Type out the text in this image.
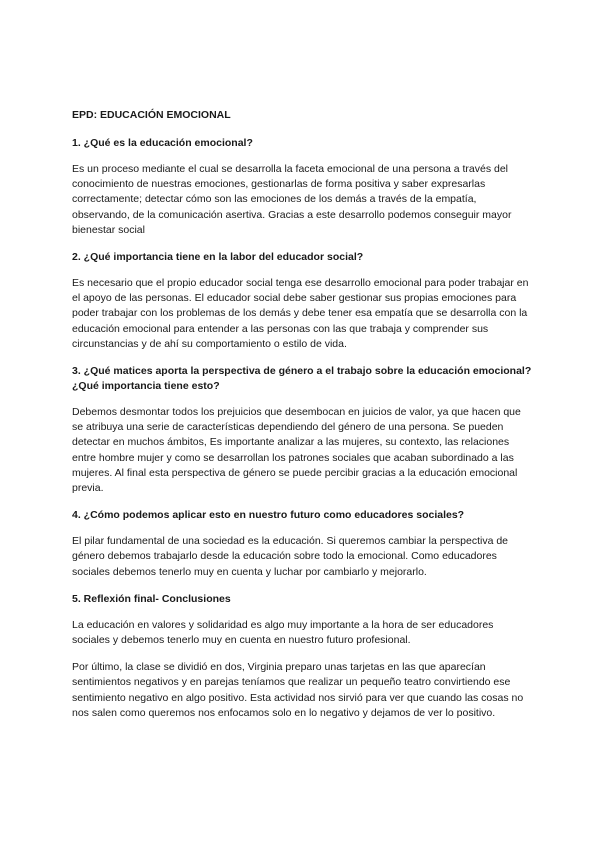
EPD: EDUCACIÓN EMOCIONAL
1. ¿Qué es la educación emocional?
Es un proceso mediante el cual se desarrolla la faceta emocional de una persona a través del conocimiento de nuestras emociones, gestionarlas de forma positiva y saber expresarlas correctamente; detectar cómo son las emociones de los demás a través de la empatía, observando, de la comunicación asertiva. Gracias a este desarrollo podemos conseguir mayor bienestar social
2. ¿Qué importancia tiene en la labor del educador social?
Es necesario que el propio educador social tenga ese desarrollo emocional para poder trabajar en el apoyo de las personas. El educador social debe saber gestionar sus propias emociones para poder trabajar con los problemas de los demás y debe tener esa empatía que se desarrolla con la educación emocional para entender a las personas con las que trabaja y comprender sus circunstancias y de ahí su comportamiento o estilo de vida.
3. ¿Qué matices aporta la perspectiva de género a el trabajo sobre la educación emocional? ¿Qué importancia tiene esto?
Debemos desmontar todos los prejuicios que desembocan en juicios de valor, ya que hacen que se atribuya una serie de características dependiendo del género de una persona. Se pueden detectar en muchos ámbitos, Es importante analizar a las mujeres, su contexto, las relaciones entre hombre mujer y como se desarrollan los patrones sociales que acaban subordinado a las mujeres. Al final esta perspectiva de género se puede percibir gracias a la educación emocional previa.
4. ¿Cómo podemos aplicar esto en nuestro futuro como educadores sociales?
El pilar fundamental de una sociedad es la educación. Si queremos cambiar la perspectiva de género debemos trabajarlo desde la educación sobre todo la emocional. Como educadores sociales debemos tenerlo muy en cuenta y luchar por cambiarlo y mejorarlo.
5. Reflexión final- Conclusiones
La educación en valores y solidaridad es algo muy importante a la hora de ser educadores sociales y debemos tenerlo muy en cuenta en nuestro futuro profesional.
Por último, la clase se dividió en dos, Virginia preparo unas tarjetas en las que aparecían sentimientos negativos y en parejas teníamos que realizar un pequeño teatro convirtiendo ese sentimiento negativo en algo positivo. Esta actividad nos sirvió para ver que cuando las cosas no nos salen como queremos nos enfocamos solo en lo negativo y dejamos de ver lo positivo.
